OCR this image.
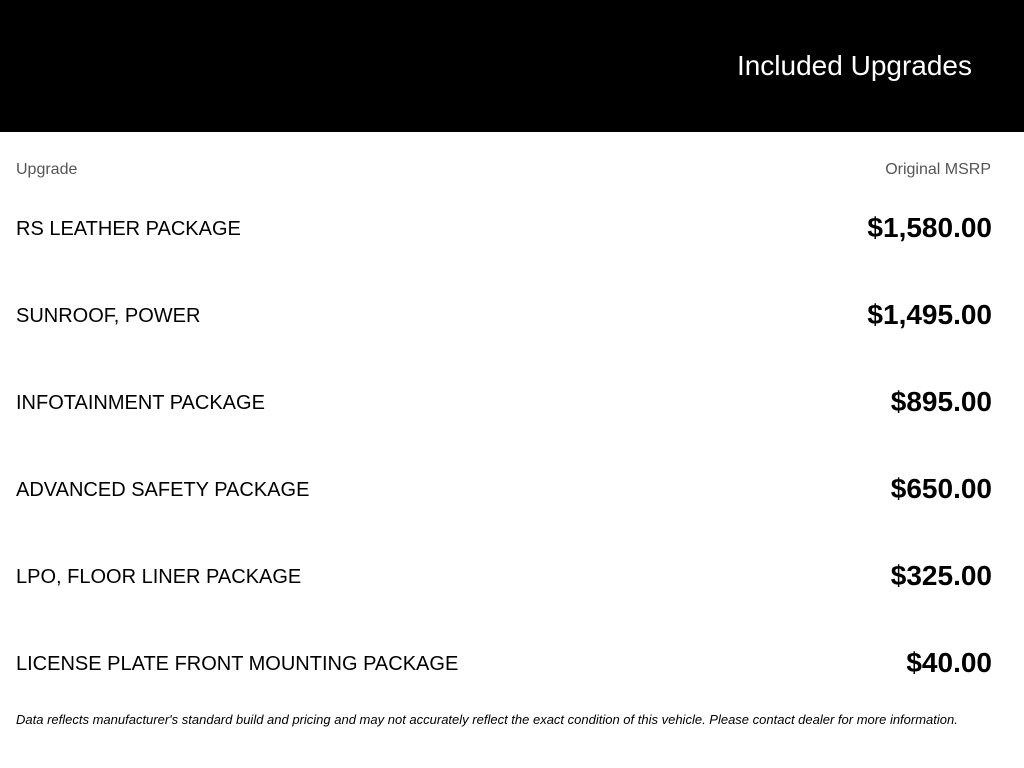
Included Upgrades
Upgrade	Original MSRP
RS LEATHER PACKAGE	$1,580.00
SUNROOF, POWER	$1,495.00
INFOTAINMENT PACKAGE	$895.00
ADVANCED SAFETY PACKAGE	$650.00
LPO, FLOOR LINER PACKAGE	$325.00
LICENSE PLATE FRONT MOUNTING PACKAGE	$40.00
Data reflects manufacturer's standard build and pricing and may not accurately reflect the exact condition of this vehicle. Please contact dealer for more information.
